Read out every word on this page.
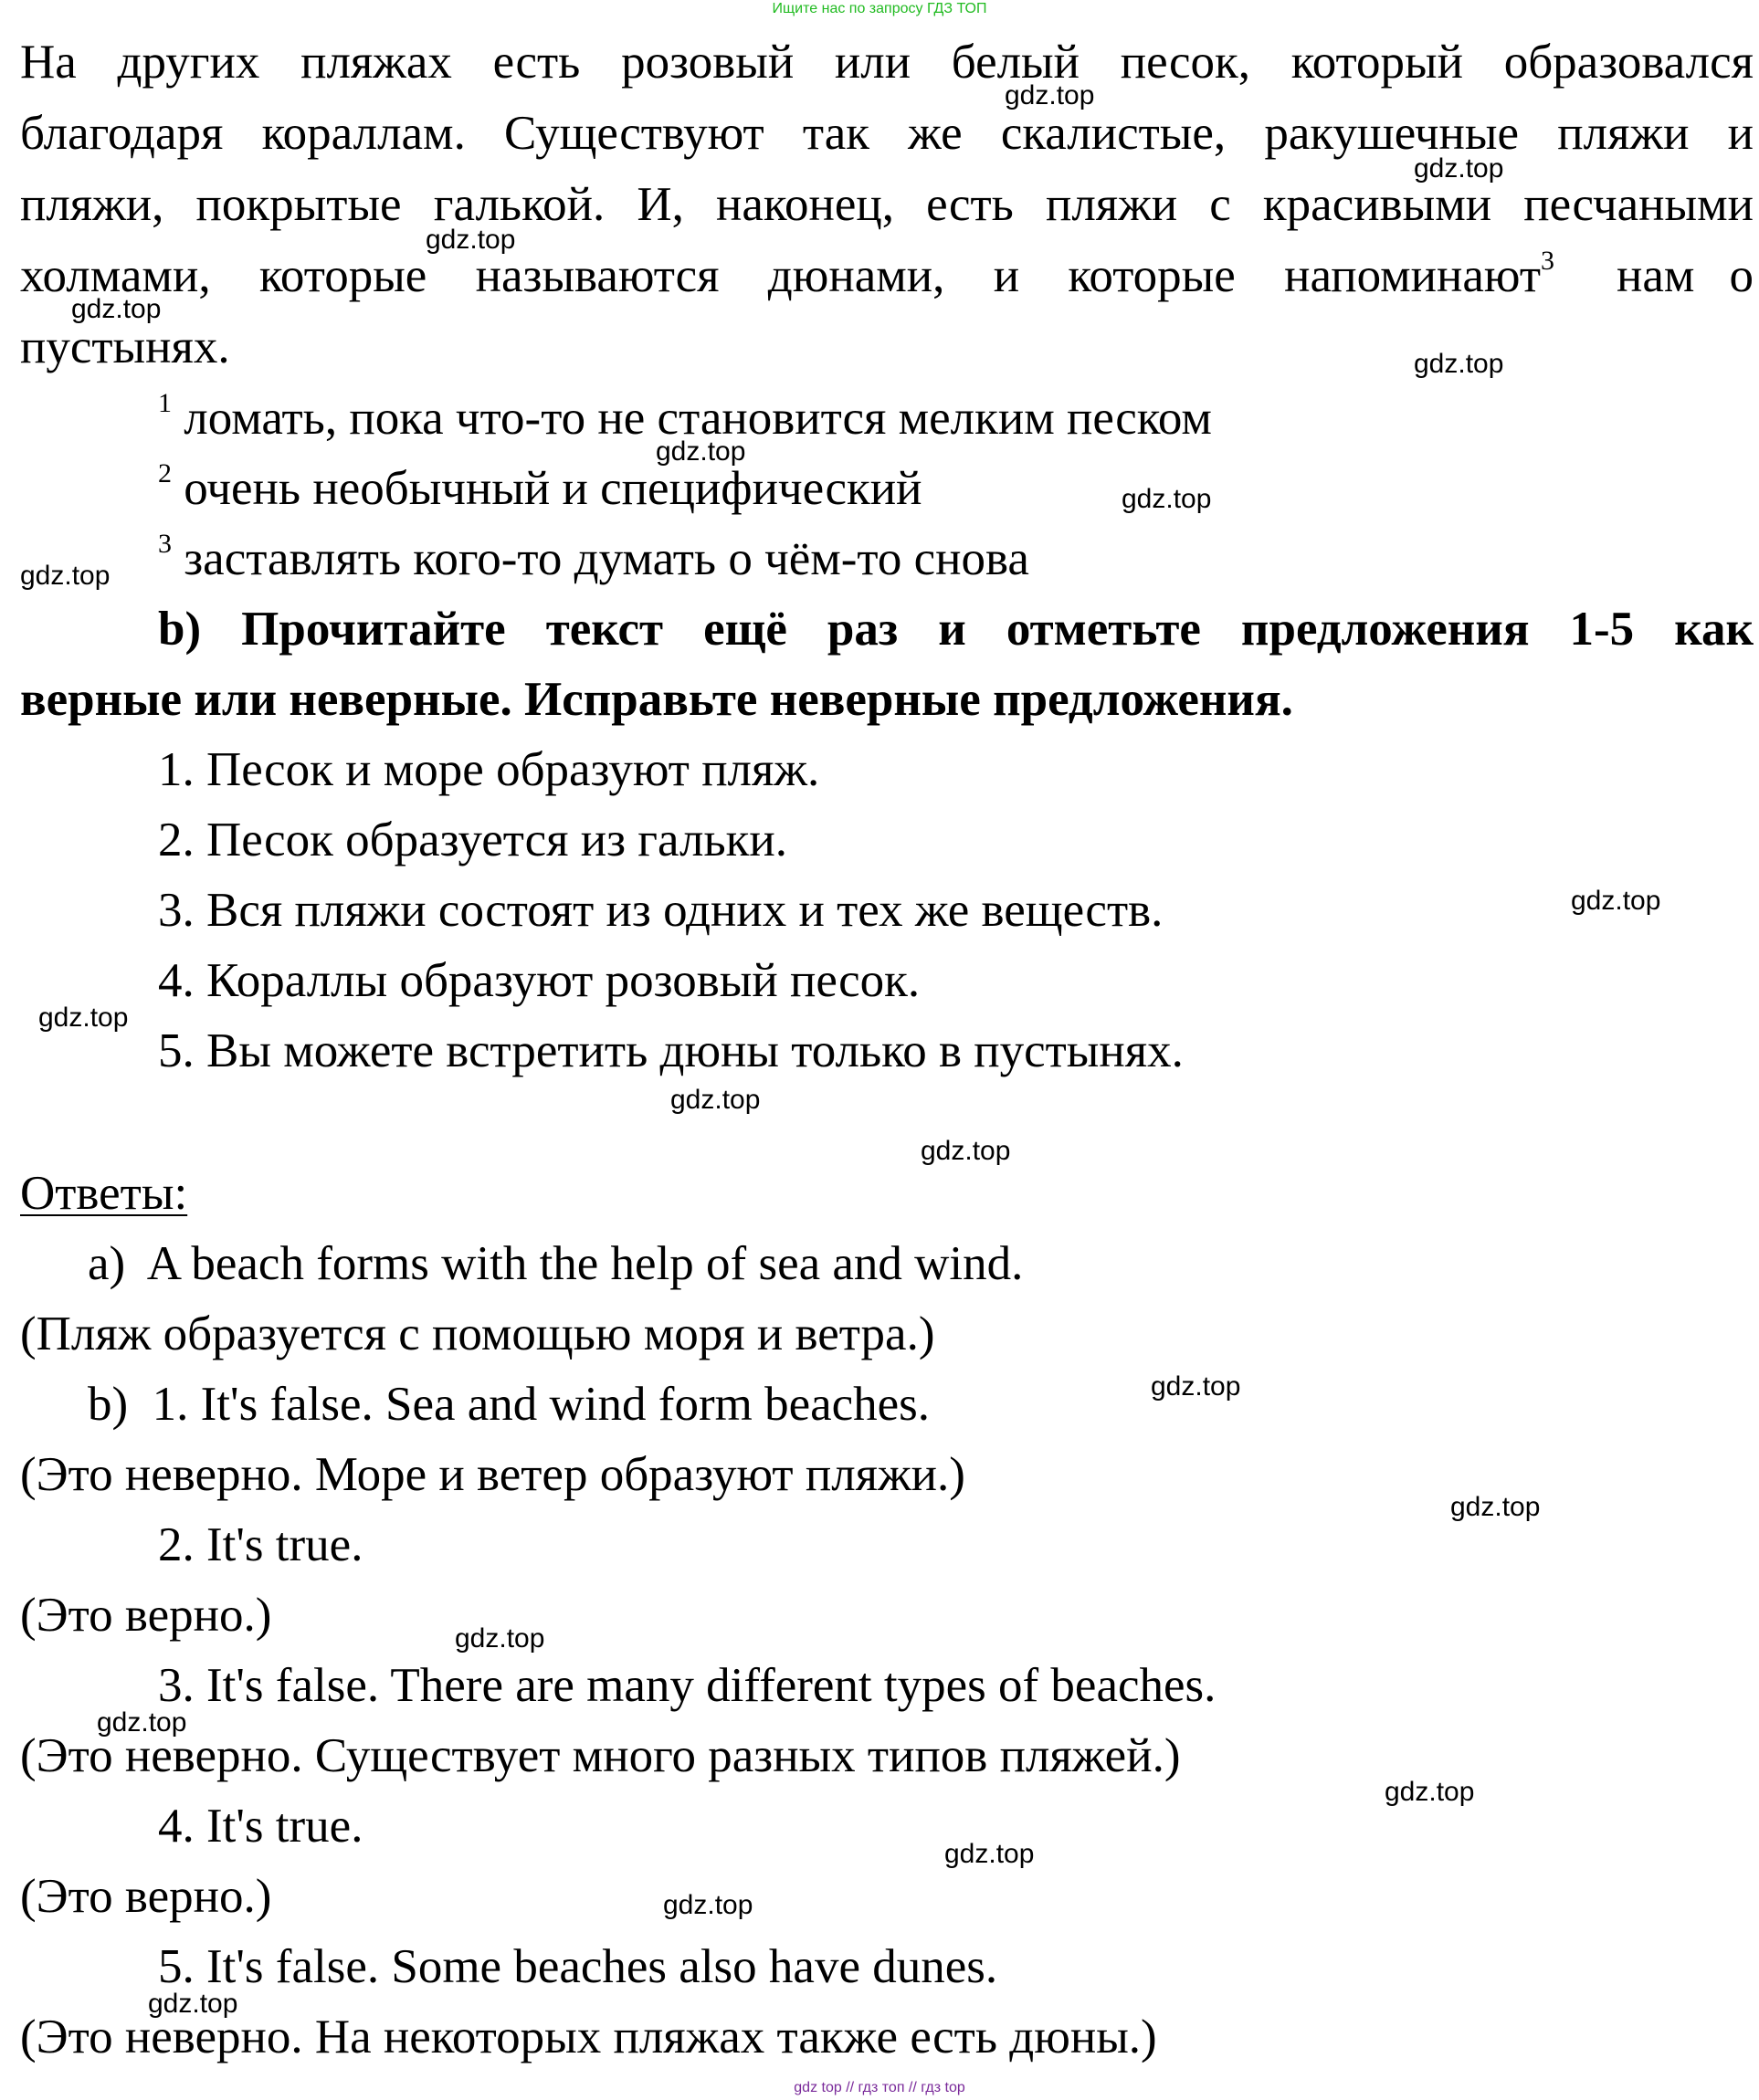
Ищите нас по запросу ГДЗ ТОП
На других пляжах есть розовый или белый песок, который образовался
благодаря кораллам. Существуют так же скалистые, ракушечные пляжи и
пляжи, покрытые галькой. И, наконец, есть пляжи с красивыми песчаными
холмами, которые называются дюнами, и которые напоминают$^3$ нам о
пустынях.
$^1$ ломать, пока что-то не становится мелким песком
$^2$ очень необычный и специфический
$^3$ заставлять кого-то думать о чём-то снова
b) Прочитайте текст ещё раз и отметьте предложения 1-5 как
верные или неверные. Исправьте неверные предложения.
1. Песок и море образуют пляж.
2. Песок образуется из гальки.
3. Вся пляжи состоят из одних и тех же веществ.
4. Кораллы образуют розовый песок.
5. Вы можете встретить дюны только в пустынях.
Ответы:
a) A beach forms with the help of sea and wind.
(Пляж образуется с помощью моря и ветра.)
b) 1. It's false. Sea and wind form beaches.
(Это неверно. Море и ветер образуют пляжи.)
2. It's true.
(Это верно.)
3. It's false. There are many different types of beaches.
(Это неверно. Существует много разных типов пляжей.)
4. It's true.
(Это верно.)
5. It's false. Some beaches also have dunes.
(Это неверно. На некоторых пляжах также есть дюны.)
gdz.top
gdz.top
gdz.top
gdz.top
gdz.top
gdz.top
gdz.top
gdz.top
gdz.top
gdz.top
gdz.top
gdz.top
gdz.top
gdz.top
gdz.top
gdz.top
gdz.top
gdz.top
gdz.top
gdz.top
gdz top // гдз топ // гдз top
